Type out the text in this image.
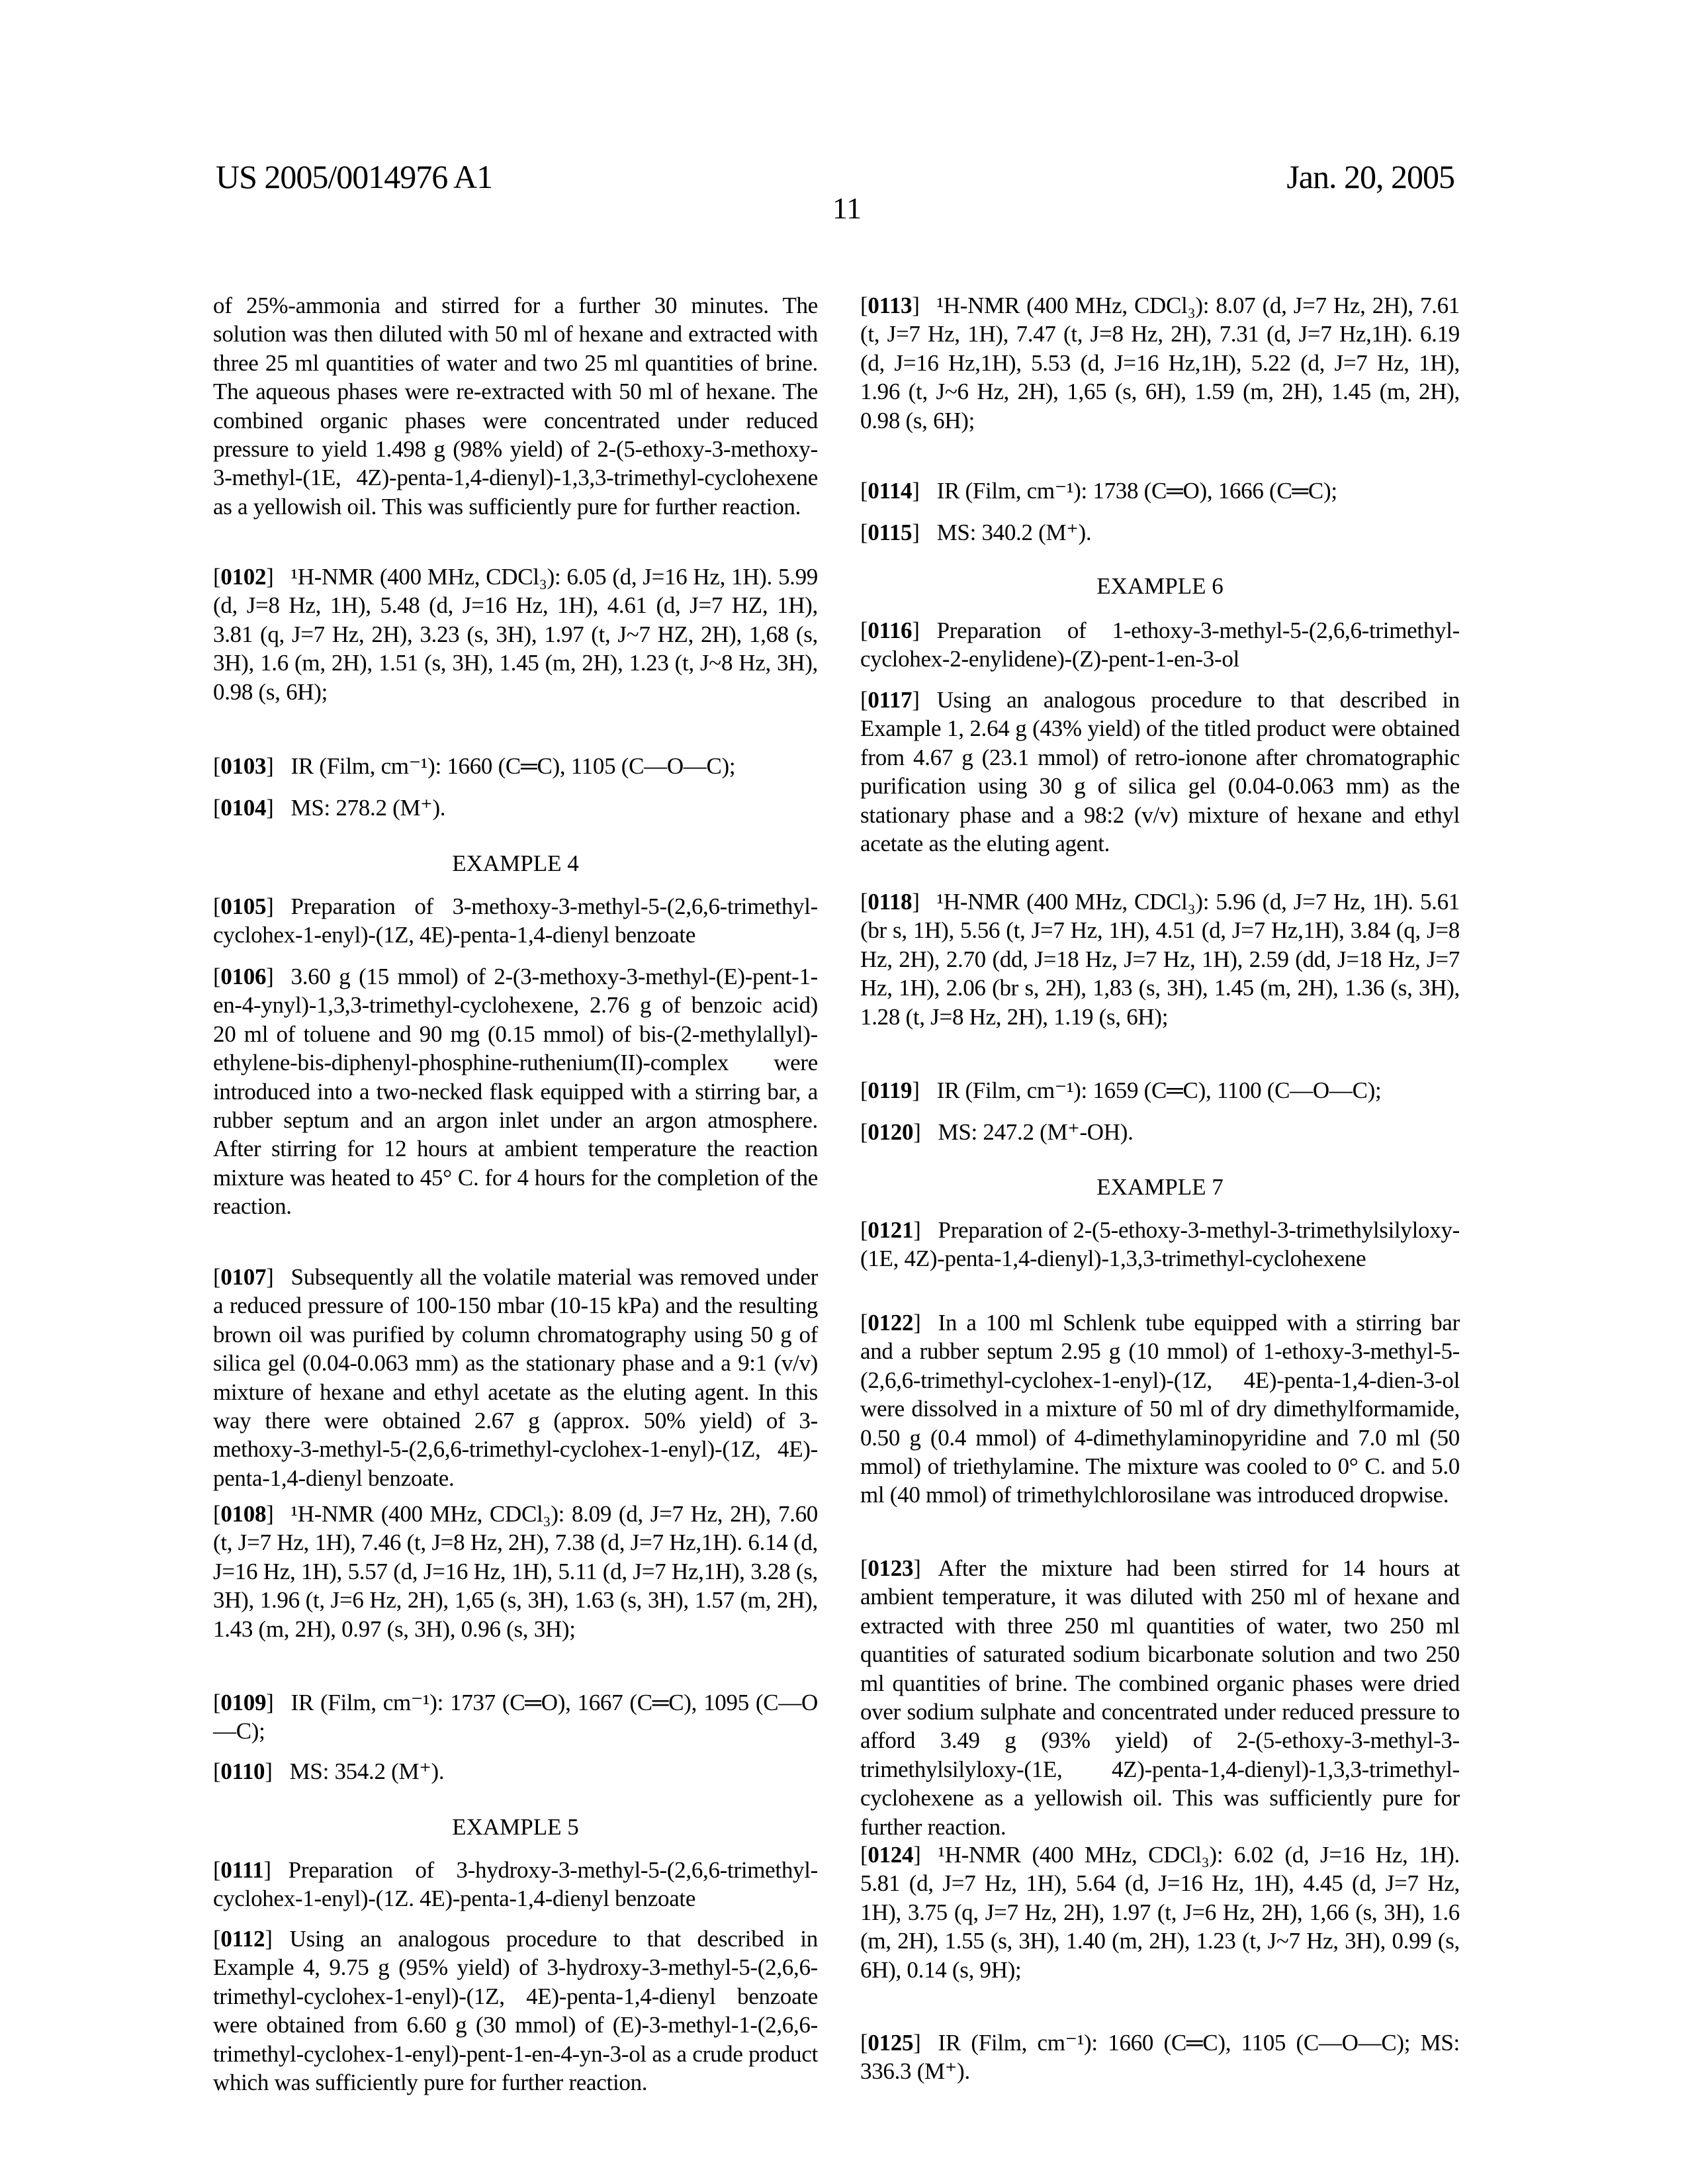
US 2005/0014976 A1	Jan. 20, 2005
11
of 25%-ammonia and stirred for a further 30 minutes. The solution was then diluted with 50 ml of hexane and extracted with three 25 ml quantities of water and two 25 ml quantities of brine. The aqueous phases were re-extracted with 50 ml of hexane. The combined organic phases were concentrated under reduced pressure to yield 1.498 g (98% yield) of 2-(5-ethoxy-3-methoxy-3-methyl-(1E, 4Z)-penta-1,4-dienyl)-1,3,3-trimethyl-cyclohexene as a yellowish oil. This was sufficiently pure for further reaction.
[ 0102 ] ¹H-NMR (400 MHz, CDCl₃): 6.05 (d, J=16 Hz, 1H). 5.99 (d, J=8 Hz, 1H), 5.48 (d, J=16 Hz, 1H), 4.61 (d, J=7 HZ, 1H), 3.81 (q, J=7 Hz, 2H), 3.23 (s, 3H), 1.97 (t, J~7 HZ, 2H), 1,68 (s, 3H), 1.6 (m, 2H), 1.51 (s, 3H), 1.45 (m, 2H), 1.23 (t, J~8 Hz, 3H), 0.98 (s, 6H);
[ 0103 ] IR (Film, cm⁻¹): 1660 (C═C), 1105 (C—O—C);
[ 0104 ] MS: 278.2 (M⁺).
EXAMPLE 4
[ 0105 ] Preparation of 3-methoxy-3-methyl-5-(2,6,6-trimethyl-cyclohex-1-enyl)-(1Z, 4E)-penta-1,4-dienyl benzoate
[ 0106 ] 3.60 g (15 mmol) of 2-(3-methoxy-3-methyl-(E)-pent-1-en-4-ynyl)-1,3,3-trimethyl-cyclohexene, 2.76 g of benzoic acid) 20 ml of toluene and 90 mg (0.15 mmol) of bis-(2-methylallyl)-ethylene-bis-diphenyl-phosphine-ruthenium(II)-complex were introduced into a two-necked flask equipped with a stirring bar, a rubber septum and an argon inlet under an argon atmosphere. After stirring for 12 hours at ambient temperature the reaction mixture was heated to 45° C. for 4 hours for the completion of the reaction.
[ 0107 ] Subsequently all the volatile material was removed under a reduced pressure of 100-150 mbar (10-15 kPa) and the resulting brown oil was purified by column chromatography using 50 g of silica gel (0.04-0.063 mm) as the stationary phase and a 9:1 (v/v) mixture of hexane and ethyl acetate as the eluting agent. In this way there were obtained 2.67 g (approx. 50% yield) of 3-methoxy-3-methyl-5-(2,6,6-trimethyl-cyclohex-1-enyl)-(1Z, 4E)-penta-1,4-dienyl benzoate.
[ 0108 ] ¹H-NMR (400 MHz, CDCl₃): 8.09 (d, J=7 Hz, 2H), 7.60 (t, J=7 Hz, 1H), 7.46 (t, J=8 Hz, 2H), 7.38 (d, J=7 Hz,1H). 6.14 (d, J=16 Hz, 1H), 5.57 (d, J=16 Hz, 1H), 5.11 (d, J=7 Hz,1H), 3.28 (s, 3H), 1.96 (t, J=6 Hz, 2H), 1,65 (s, 3H), 1.63 (s, 3H), 1.57 (m, 2H), 1.43 (m, 2H), 0.97 (s, 3H), 0.96 (s, 3H);
[ 0109 ] IR (Film, cm⁻¹): 1737 (C═O), 1667 (C═C), 1095 (C—O—C);
[ 0110 ] MS: 354.2 (M⁺).
EXAMPLE 5
[ 0111 ] Preparation of 3-hydroxy-3-methyl-5-(2,6,6-trimethyl-cyclohex-1-enyl)-(1Z. 4E)-penta-1,4-dienyl benzoate
[ 0112 ] Using an analogous procedure to that described in Example 4, 9.75 g (95% yield) of 3-hydroxy-3-methyl-5-(2,6,6-trimethyl-cyclohex-1-enyl)-(1Z, 4E)-penta-1,4-dienyl benzoate were obtained from 6.60 g (30 mmol) of (E)-3-methyl-1-(2,6,6-trimethyl-cyclohex-1-enyl)-pent-1-en-4-yn-3-ol as a crude product which was sufficiently pure for further reaction.
[ 0113 ] ¹H-NMR (400 MHz, CDCl₃): 8.07 (d, J=7 Hz, 2H), 7.61 (t, J=7 Hz, 1H), 7.47 (t, J=8 Hz, 2H), 7.31 (d, J=7 Hz,1H). 6.19 (d, J=16 Hz,1H), 5.53 (d, J=16 Hz,1H), 5.22 (d, J=7 Hz, 1H), 1.96 (t, J~6 Hz, 2H), 1,65 (s, 6H), 1.59 (m, 2H), 1.45 (m, 2H), 0.98 (s, 6H);
[ 0114 ] IR (Film, cm⁻¹): 1738 (C═O), 1666 (C═C);
[ 0115 ] MS: 340.2 (M⁺).
EXAMPLE 6
[ 0116 ] Preparation of 1-ethoxy-3-methyl-5-(2,6,6-trimethyl-cyclohex-2-enylidene)-(Z)-pent-1-en-3-ol
[ 0117 ] Using an analogous procedure to that described in Example 1, 2.64 g (43% yield) of the titled product were obtained from 4.67 g (23.1 mmol) of retro-ionone after chromatographic purification using 30 g of silica gel (0.04-0.063 mm) as the stationary phase and a 98:2 (v/v) mixture of hexane and ethyl acetate as the eluting agent.
[ 0118 ] ¹H-NMR (400 MHz, CDCl₃): 5.96 (d, J=7 Hz, 1H). 5.61 (br s, 1H), 5.56 (t, J=7 Hz, 1H), 4.51 (d, J=7 Hz,1H), 3.84 (q, J=8 Hz, 2H), 2.70 (dd, J=18 Hz, J=7 Hz, 1H), 2.59 (dd, J=18 Hz, J=7 Hz, 1H), 2.06 (br s, 2H), 1,83 (s, 3H), 1.45 (m, 2H), 1.36 (s, 3H), 1.28 (t, J=8 Hz, 2H), 1.19 (s, 6H);
[ 0119 ] IR (Film, cm⁻¹): 1659 (C═C), 1100 (C—O—C);
[ 0120 ] MS: 247.2 (M⁺-OH).
EXAMPLE 7
[ 0121 ] Preparation of 2-(5-ethoxy-3-methyl-3-trimethylsilyloxy-(1E, 4Z)-penta-1,4-dienyl)-1,3,3-trimethyl-cyclohexene
[ 0122 ] In a 100 ml Schlenk tube equipped with a stirring bar and a rubber septum 2.95 g (10 mmol) of 1-ethoxy-3-methyl-5-(2,6,6-trimethyl-cyclohex-1-enyl)-(1Z, 4E)-penta-1,4-dien-3-ol were dissolved in a mixture of 50 ml of dry dimethylformamide, 0.50 g (0.4 mmol) of 4-dimethylaminopyridine and 7.0 ml (50 mmol) of triethylamine. The mixture was cooled to 0° C. and 5.0 ml (40 mmol) of trimethylchlorosilane was introduced dropwise.
[ 0123 ] After the mixture had been stirred for 14 hours at ambient temperature, it was diluted with 250 ml of hexane and extracted with three 250 ml quantities of water, two 250 ml quantities of saturated sodium bicarbonate solution and two 250 ml quantities of brine. The combined organic phases were dried over sodium sulphate and concentrated under reduced pressure to afford 3.49 g (93% yield) of 2-(5-ethoxy-3-methyl-3-trimethylsilyloxy-(1E, 4Z)-penta-1,4-dienyl)-1,3,3-trimethyl-cyclohexene as a yellowish oil. This was sufficiently pure for further reaction.
[ 0124 ] ¹H-NMR (400 MHz, CDCl₃): 6.02 (d, J=16 Hz, 1H). 5.81 (d, J=7 Hz, 1H), 5.64 (d, J=16 Hz, 1H), 4.45 (d, J=7 Hz, 1H), 3.75 (q, J=7 Hz, 2H), 1.97 (t, J=6 Hz, 2H), 1,66 (s, 3H), 1.6 (m, 2H), 1.55 (s, 3H), 1.40 (m, 2H), 1.23 (t, J~7 Hz, 3H), 0.99 (s, 6H), 0.14 (s, 9H);
[ 0125 ] IR (Film, cm⁻¹): 1660 (C═C), 1105 (C—O—C); MS: 336.3 (M⁺).
